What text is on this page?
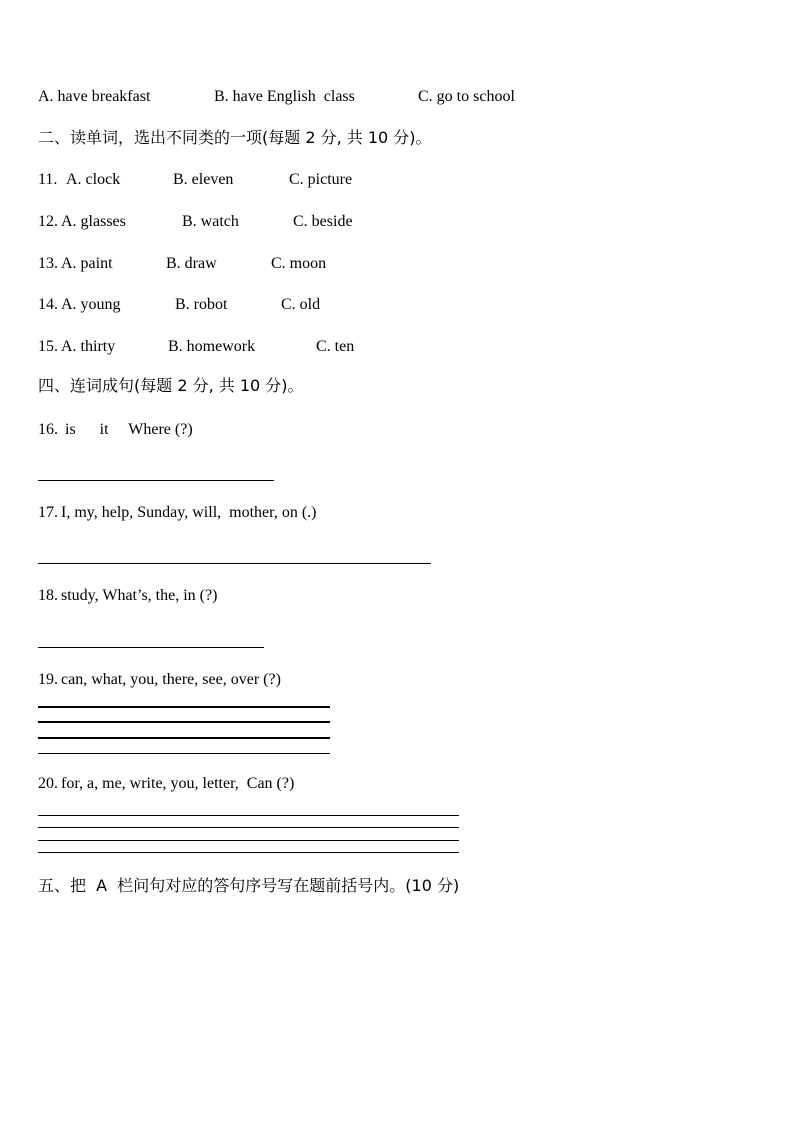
A. have breakfast	B. have English  class	C. go to school
二、读单词，选出不同类的一项(每题 2 分, 共 10 分)。
11. A. clock	B. eleven	C. picture
12. A. glasses	B. watch	C. beside
13. A. paint	B. draw	C. moon
14. A. young	B. robot	C. old
15. A. thirty	B. homework	C. ten
四、连词成句(每题 2 分, 共 10 分)。
16. is      it     Where (?)
17. I, my, help, Sunday, will,  mother, on (.)
18. study, What’s, the, in (?)
19. can, what, you, there, see, over (?)
20. for, a, me, write, you, letter,  Can (?)
五、把  A  栏问句对应的答句序号写在题前括号内。(10 分)
